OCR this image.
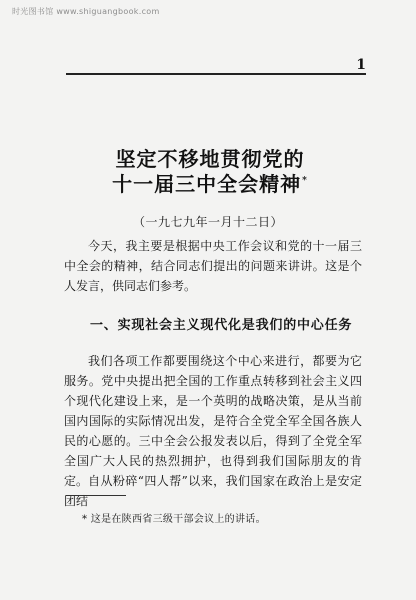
时光图书馆 www.shiguangbook.com
1
坚定不移地贯彻党的
十一届三中全会精神*
（一九七九年一月十二日）

今天，我主要是根据中央工作会议和党的十一届三中全会的精神，结合同志们提出的问题来讲讲。这是个人发言，供同志们参考。

一、实现社会主义现代化是我们的中心任务

我们各项工作都要围绕这个中心来进行，都要为它服务。党中央提出把全国的工作重点转移到社会主义四个现代化建设上来，是一个英明的战略决策，是从当前国内国际的实际情况出发，是符合全党全军全国各族人民的心愿的。三中全会公报发表以后，得到了全党全军全国广大人民的热烈拥护，也得到我们国际朋友的肯定。 自从粉碎“四人帮”以来，我们国家在政治上是安定团结

* 这是在陕西省三级干部会议上的讲话。
